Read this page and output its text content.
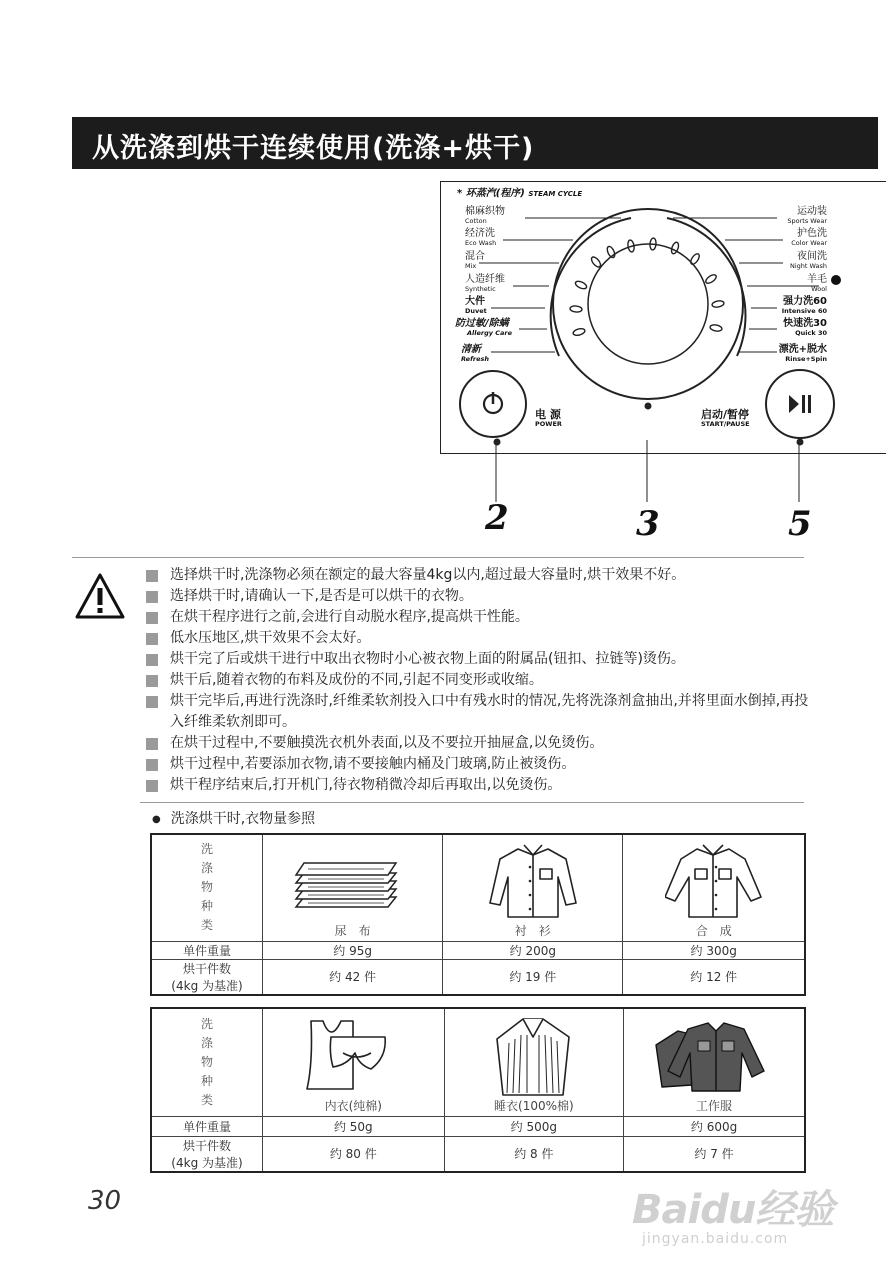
从洗涤到烘干连续使用(洗涤+烘干)
* 环蒸汽(程序) STEAM CYCLE
棉麻织物
Cotton
经济洗
Eco Wash
混合
Mix
人造纤维
Synthetic
大件
Duvet
防过敏/除螨
Allergy Care
清新
Refresh
运动装
Sports Wear
护色洗
Color Wear
夜间洗
Night Wash
羊毛
Wool
强力洗60
Intensive 60
快速洗30
Quick 30
漂洗+脱水
Rinse+Spin
电 源
POWER
启动/暂停
START/PAUSE
2	3	5
选择烘干时,洗涤物必须在额定的最大容量4kg以内,超过最大容量时,烘干效果不好。
选择烘干时,请确认一下,是否是可以烘干的衣物。
在烘干程序进行之前,会进行自动脱水程序,提高烘干性能。
低水压地区,烘干效果不会太好。
烘干完了后或烘干进行中取出衣物时小心被衣物上面的附属品(钮扣、拉链等)烫伤。
烘干后,随着衣物的布料及成份的不同,引起不同变形或收缩。
烘干完毕后,再进行洗涤时,纤维柔软剂投入口中有残水时的情况,先将洗涤剂盒抽出,并将里面水倒掉,再投入纤维柔软剂即可。
在烘干过程中,不要触摸洗衣机外表面,以及不要拉开抽屉盒,以免烫伤。
烘干过程中,若要添加衣物,请不要接触内桶及门玻璃,防止被烫伤。
烘干程序结束后,打开机门,待衣物稍微冷却后再取出,以免烫伤。
● 洗涤烘干时,衣物量参照
洗
涤
物
种
类	尿　布	衬　衫	合　成

单件重量	约 95g	约 200g	约 300g

烘干件数
(4kg 为基准)	约 42 件	约 19 件	约 12 件
洗
涤
物
种
类	内衣(纯棉)	睡衣(100%棉)	工作服

单件重量	约 50g	约 500g	约 600g

烘干件数
(4kg 为基准)	约 80 件	约 8 件	约 7 件
30	Baidu经验
jingyan.baidu.com
